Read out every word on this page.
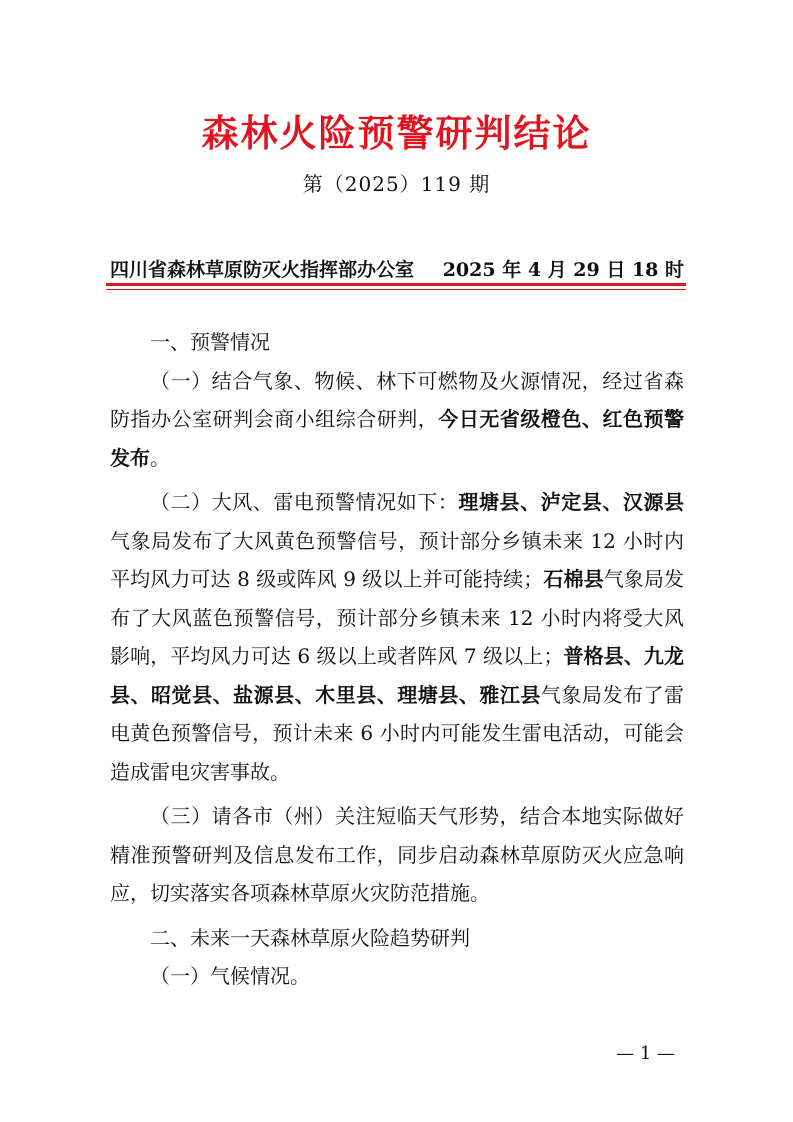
森林火险预警研判结论
第（2025）119 期
四川省森林草原防灭火指挥部办公室 2025 年 4 月 29 日 18 时

一、预警情况

（一）结合气象、物候、林下可燃物及火源情况，经过省森防指办公室研判会商小组综合研判，今日无省级橙色、红色预警发布。

（二）大风、雷电预警情况如下：理塘县、泸定县、汉源县气象局发布了大风黄色预警信号，预计部分乡镇未来 12 小时内平均风力可达 8 级或阵风 9 级以上并可能持续；石棉县气象局发布了大风蓝色预警信号，预计部分乡镇未来 12 小时内将受大风影响，平均风力可达 6 级以上或者阵风 7 级以上；普格县、九龙县、昭觉县、盐源县、木里县、理塘县、雅江县气象局发布了雷电黄色预警信号，预计未来 6 小时内可能发生雷电活动，可能会造成雷电灾害事故。

（三）请各市（州）关注短临天气形势，结合本地实际做好精准预警研判及信息发布工作，同步启动森林草原防灭火应急响应，切实落实各项森林草原火灾防范措施。

二、未来一天森林草原火险趋势研判

（一）气候情况。

— 1 —
